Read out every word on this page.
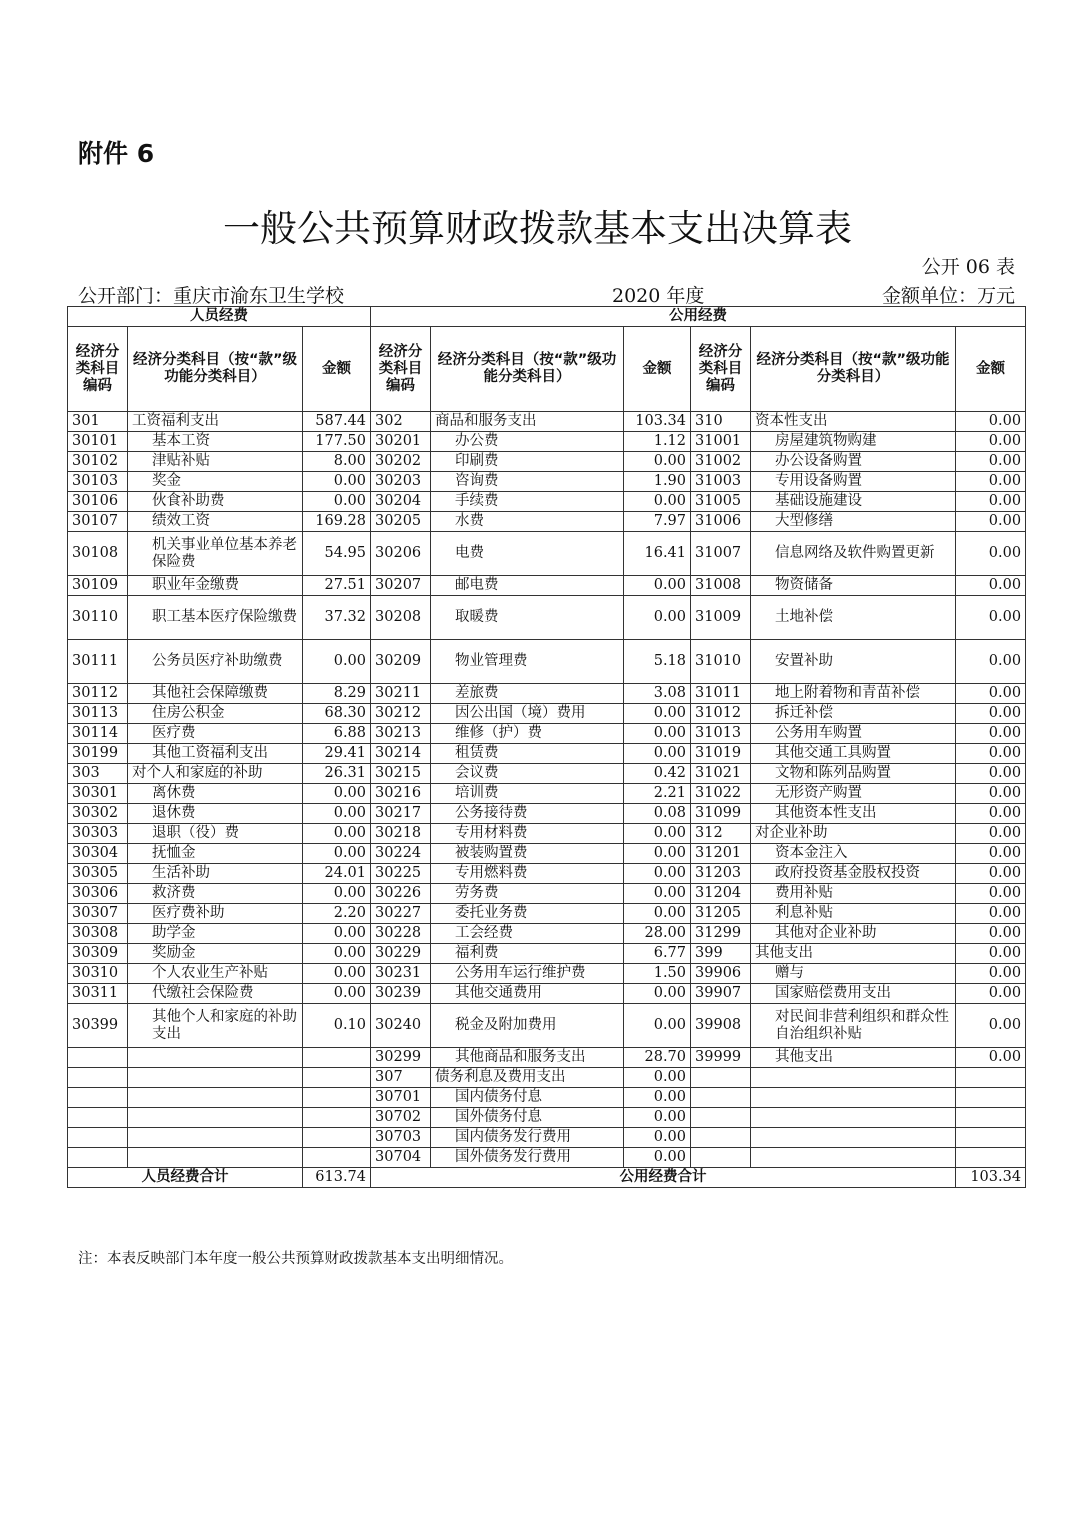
附件 6
一般公共预算财政拨款基本支出决算表
公开 06 表
公开部门：重庆市渝东卫生学校	2020 年度	金额单位：万元
人员经费			公用经费					
经济分类科目编码	经济分类科目（按“款”级功能分类科目）	金额	经济分类科目编码	经济分类科目（按“款”级功能分类科目）	金额	经济分类科目编码	经济分类科目（按“款”级功能分类科目）	金额
301	工资福利支出	587.44	302	商品和服务支出	103.34	310	资本性支出	0.00
30101	基本工资	177.50	30201	办公费	1.12	31001	房屋建筑物购建	0.00
30102	津贴补贴	8.00	30202	印刷费	0.00	31002	办公设备购置	0.00
30103	奖金	0.00	30203	咨询费	1.90	31003	专用设备购置	0.00
30106	伙食补助费	0.00	30204	手续费	0.00	31005	基础设施建设	0.00
30107	绩效工资	169.28	30205	水费	7.97	31006	大型修缮	0.00
30108	机关事业单位基本养老保险费	54.95	30206	电费	16.41	31007	信息网络及软件购置更新	0.00
30109	职业年金缴费	27.51	30207	邮电费	0.00	31008	物资储备	0.00
30110	职工基本医疗保险缴费	37.32	30208	取暖费	0.00	31009	土地补偿	0.00
30111	公务员医疗补助缴费	0.00	30209	物业管理费	5.18	31010	安置补助	0.00
30112	其他社会保障缴费	8.29	30211	差旅费	3.08	31011	地上附着物和青苗补偿	0.00
30113	住房公积金	68.30	30212	因公出国（境）费用	0.00	31012	拆迁补偿	0.00
30114	医疗费	6.88	30213	维修（护）费	0.00	31013	公务用车购置	0.00
30199	其他工资福利支出	29.41	30214	租赁费	0.00	31019	其他交通工具购置	0.00
303	对个人和家庭的补助	26.31	30215	会议费	0.42	31021	文物和陈列品购置	0.00
30301	离休费	0.00	30216	培训费	2.21	31022	无形资产购置	0.00
30302	退休费	0.00	30217	公务接待费	0.08	31099	其他资本性支出	0.00
30303	退职（役）费	0.00	30218	专用材料费	0.00	312	对企业补助	0.00
30304	抚恤金	0.00	30224	被装购置费	0.00	31201	资本金注入	0.00
30305	生活补助	24.01	30225	专用燃料费	0.00	31203	政府投资基金股权投资	0.00
30306	救济费	0.00	30226	劳务费	0.00	31204	费用补贴	0.00
30307	医疗费补助	2.20	30227	委托业务费	0.00	31205	利息补贴	0.00
30308	助学金	0.00	30228	工会经费	28.00	31299	其他对企业补助	0.00
30309	奖励金	0.00	30229	福利费	6.77	399	其他支出	0.00
30310	个人农业生产补贴	0.00	30231	公务用车运行维护费	1.50	39906	赠与	0.00
30311	代缴社会保险费	0.00	30239	其他交通费用	0.00	39907	国家赔偿费用支出	0.00
30399	其他个人和家庭的补助支出	0.10	30240	税金及附加费用	0.00	39908	对民间非营利组织和群众性自治组织补贴	0.00
			30299	其他商品和服务支出	28.70	39999	其他支出	0.00
			307	债务利息及费用支出	0.00			
			30701	国内债务付息	0.00			
			30702	国外债务付息	0.00			
			30703	国内债务发行费用	0.00			
			30704	国外债务发行费用	0.00			
人员经费合计		613.74	公用经费合计					103.34
注：本表反映部门本年度一般公共预算财政拨款基本支出明细情况。
